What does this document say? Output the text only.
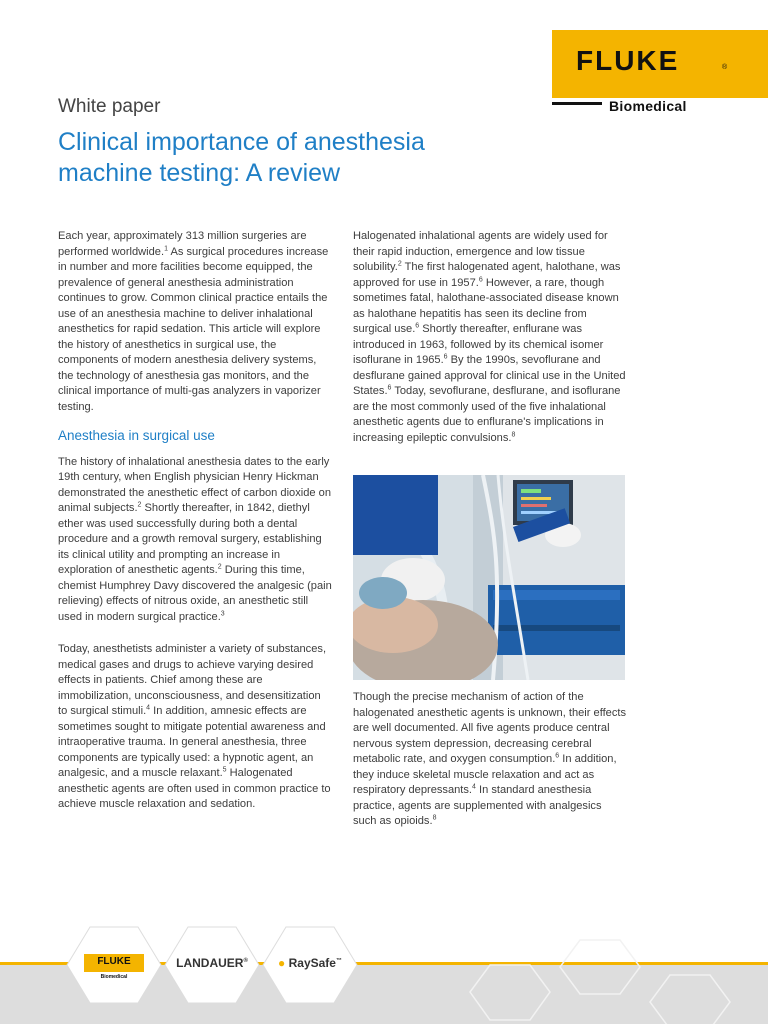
FLUKE	®
Biomedical
White paper
Clinical importance of anesthesia machine testing: A review

Each year, approximately 313 million surgeries are performed worldwide.$^1$ As surgical procedures increase in number and more facilities become equipped, the prevalence of general anesthesia administration continues to grow. Common clinical practice entails the use of an anesthesia machine to deliver inhalational anesthetics for rapid sedation. This article will explore the history of anesthetics in surgical use, the components of modern anesthesia delivery systems, the technology of anesthesia gas monitors, and the clinical importance of multi-gas analyzers in vaporizer testing.

Anesthesia in surgical use

The history of inhalational anesthesia dates to the early 19th century, when English physician Henry Hickman demonstrated the anesthetic effect of carbon dioxide on animal subjects.$^2$ Shortly thereafter, in 1842, diethyl ether was used successfully during both a dental procedure and a growth removal surgery, establishing its clinical utility and prompting an increase in exploration of anesthetic agents.$^2$ During this time, chemist Humphrey Davy discovered the analgesic (pain relieving) effects of nitrous oxide, an anesthetic still used in modern surgical practice.$^3$

Today, anesthetists administer a variety of substances, medical gases and drugs to achieve varying desired effects in patients. Chief among these are immobilization, unconsciousness, and desensitization to surgical stimuli.$^4$ In addition, amnesic effects are sometimes sought to mitigate potential awareness and intraoperative trauma. In general anesthesia, three components are typically used: a hypnotic agent, an analgesic, and a muscle relaxant.$^5$ Halogenated anesthetic agents are often used in common practice to achieve muscle relaxation and sedation.

Halogenated inhalational agents are widely used for their rapid induction, emergence and low tissue solubility.$^2$ The first halogenated agent, halothane, was approved for use in 1957.$^6$ However, a rare, though sometimes fatal, halothane-associated disease known as halothane hepatitis has seen its decline from surgical use.$^6$ Shortly thereafter, enflurane was introduced in 1963, followed by its chemical isomer isoflurane in 1965.$^6$ By the 1990s, sevoflurane and desflurane gained approval for clinical use in the United States.$^6$ Today, sevoflurane, desflurane, and isoflurane are the most commonly used of the five inhalational anesthetic agents due to enflurane's implications in increasing epileptic convulsions.$^8$

Though the precise mechanism of action of the halogenated anesthetic agents is unknown, their effects are well documented. All five agents produce central nervous system depression, decreasing cerebral metabolic rate, and oxygen consumption.$^6$ In addition, they induce skeletal muscle relaxation and act as respiratory depressants.$^4$ In standard anesthesia practice, agents are supplemented with analgesics such as opioids.$^8$

FLUKE
Biomedical
LANDAUER®	● RaySafe™
